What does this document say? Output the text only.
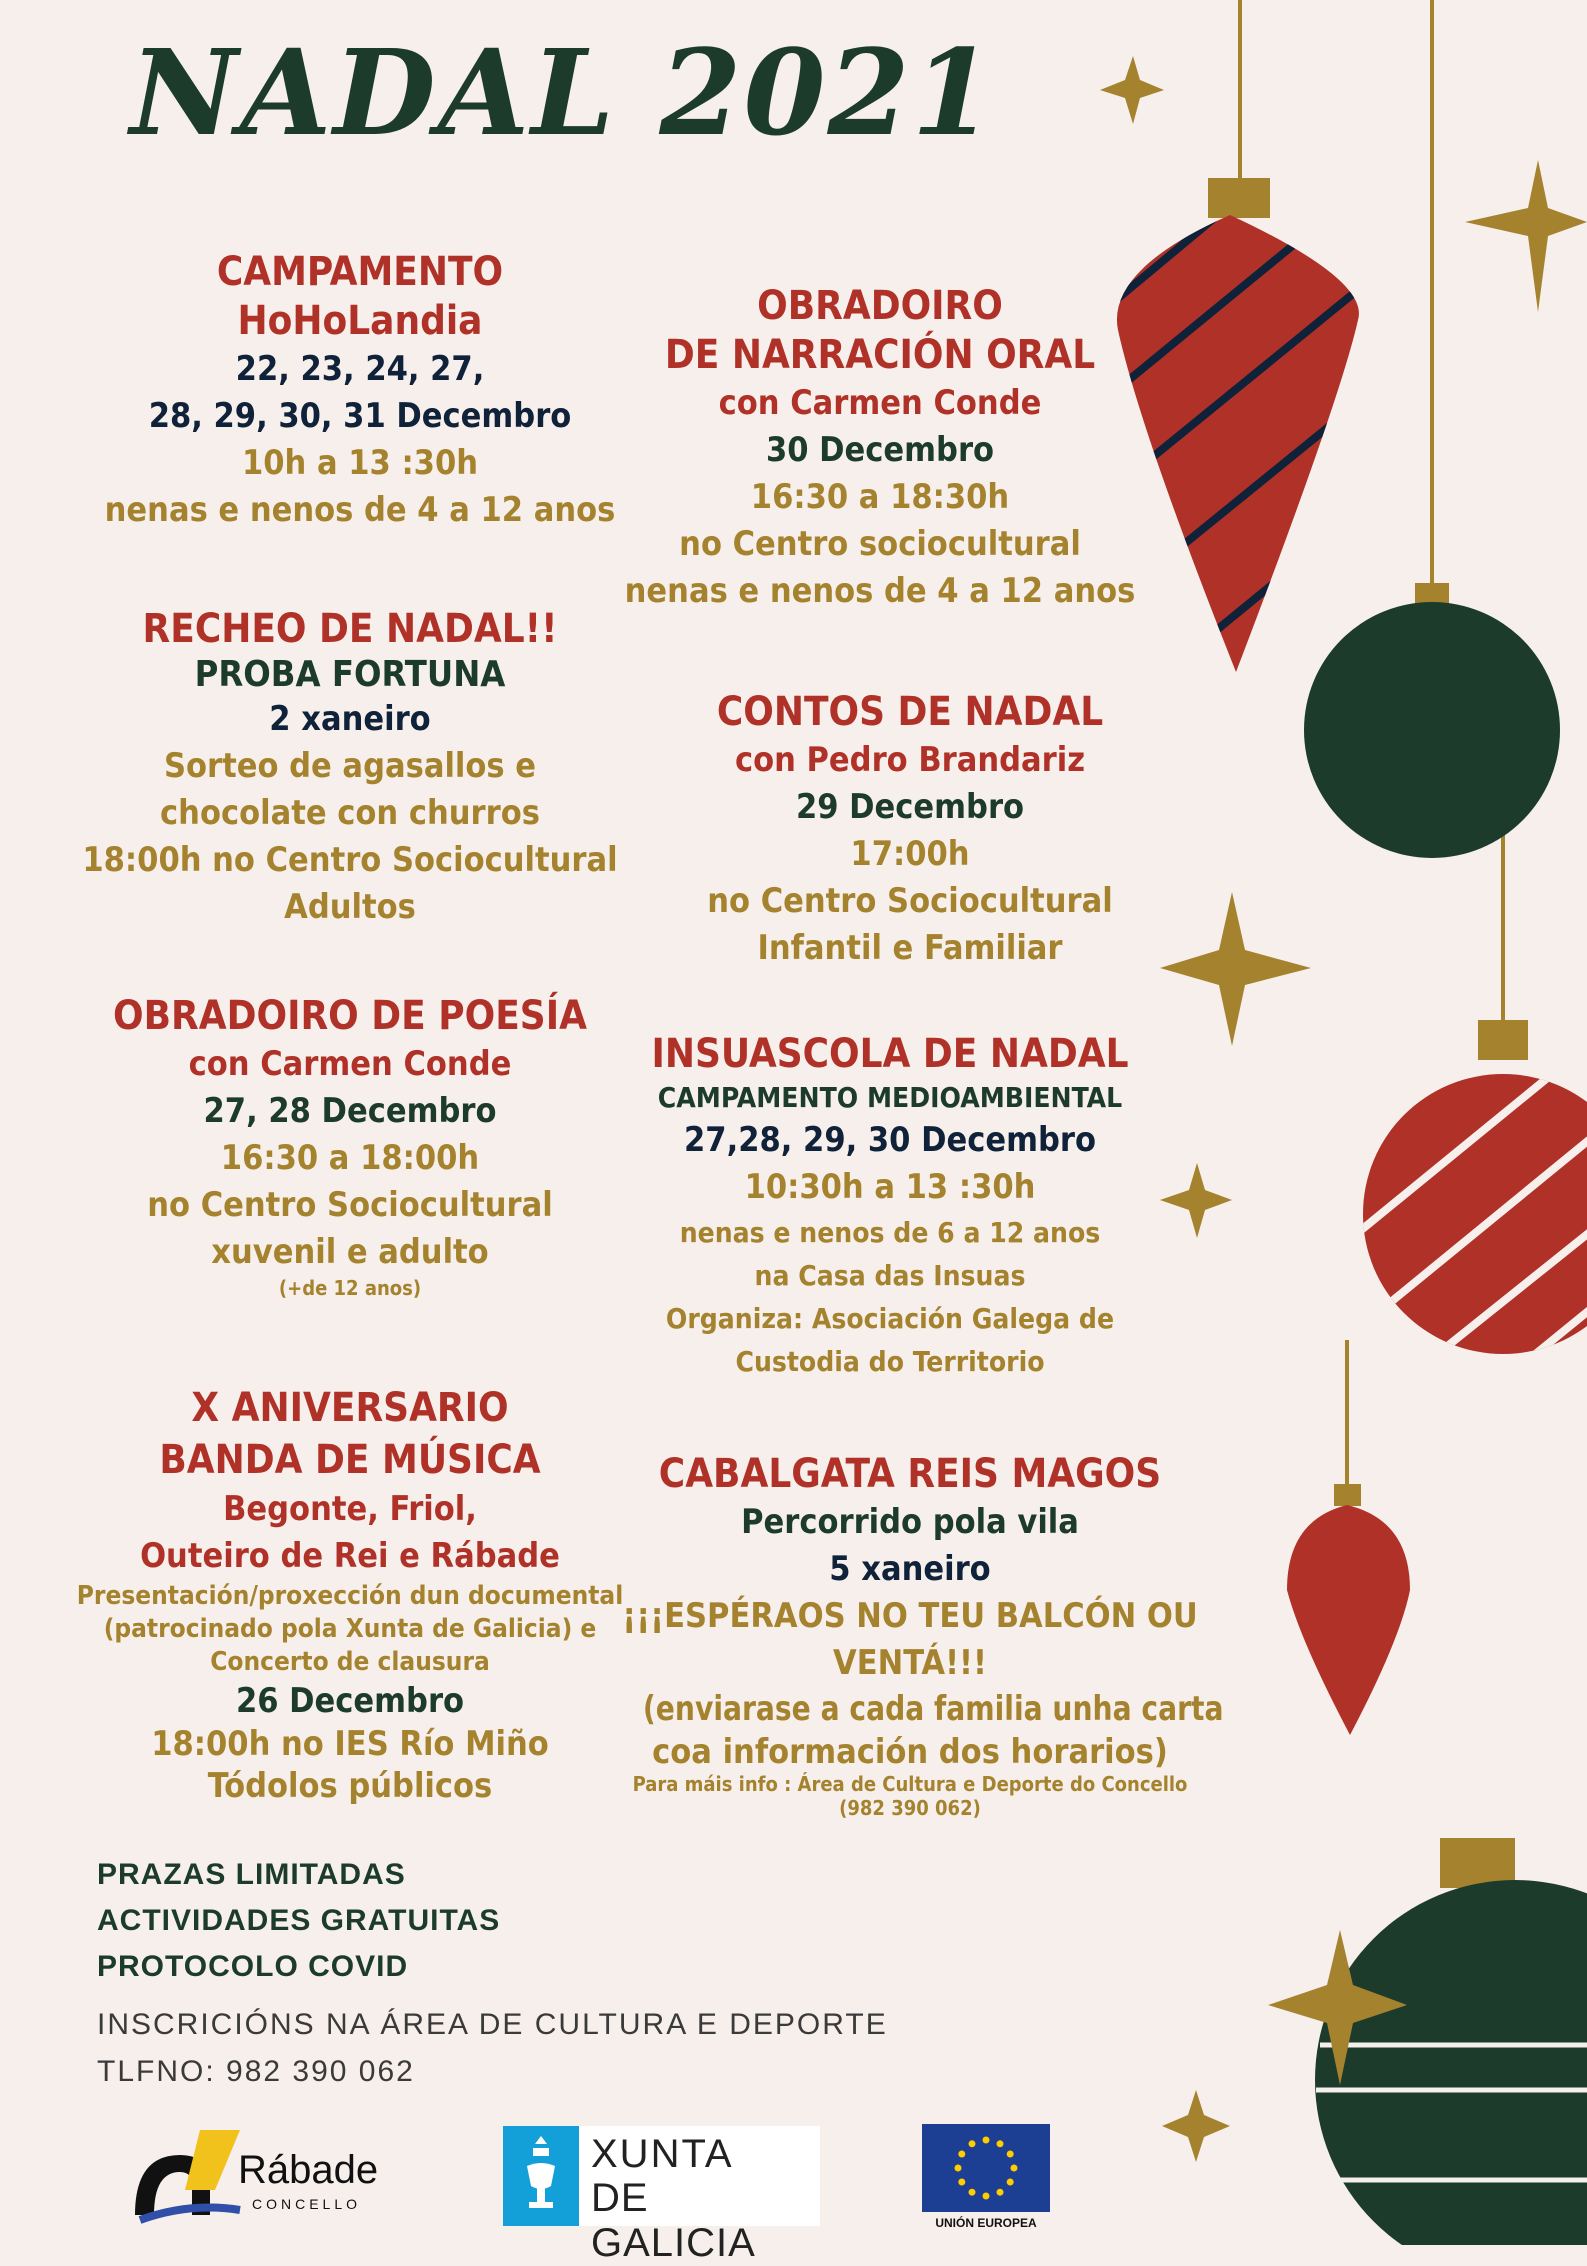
NADAL 2021
CAMPAMENTO
HoHoLandia
22, 23, 24, 27,
28, 29, 30, 31 Decembro
10h a 13 :30h
nenas e nenos de 4 a 12 anos
OBRADOIRO
DE NARRACIÓN ORAL
con Carmen Conde
30 Decembro
16:30 a 18:30h
no Centro sociocultural
nenas e nenos de 4 a 12 anos
RECHEO DE NADAL!!
PROBA FORTUNA
2 xaneiro
Sorteo de agasallos e
chocolate con churros
18:00h no Centro Sociocultural
Adultos
CONTOS DE NADAL
con Pedro Brandariz
29 Decembro
17:00h
no Centro Sociocultural
Infantil e Familiar
OBRADOIRO DE POESÍA
con Carmen Conde
27, 28 Decembro
16:30 a 18:00h
no Centro Sociocultural
xuvenil e adulto
(+de 12 anos)
INSUASCOLA DE NADAL
CAMPAMENTO MEDIOAMBIENTAL
27,28, 29, 30 Decembro
10:30h a 13 :30h
nenas e nenos de 6 a 12 anos
na Casa das Insuas
Organiza: Asociación Galega de
Custodia do Territorio
X ANIVERSARIO
BANDA DE MÚSICA
Begonte, Friol,
Outeiro de Rei e Rábade
Presentación/proxección dun documental
(patrocinado pola Xunta de Galicia) e
Concerto de clausura
26 Decembro
18:00h no IES Río Miño
Tódolos públicos
CABALGATA REIS MAGOS
Percorrido pola vila
5 xaneiro
¡¡¡ESPÉRAOS NO TEU BALCÓN OU
VENTÁ!!!
(enviarase a cada familia unha carta
coa información dos horarios)
Para máis info : Área de Cultura e Deporte do Concello
(982 390 062)
PRAZAS LIMITADAS
ACTIVIDADES GRATUITAS
PROTOCOLO COVID
INSCRICIÓNS NA ÁREA DE CULTURA E DEPORTE
TLFNO: 982 390 062
Rábade
CONCELLO
XUNTA
DE GALICIA	UNIÓN EUROPEA
